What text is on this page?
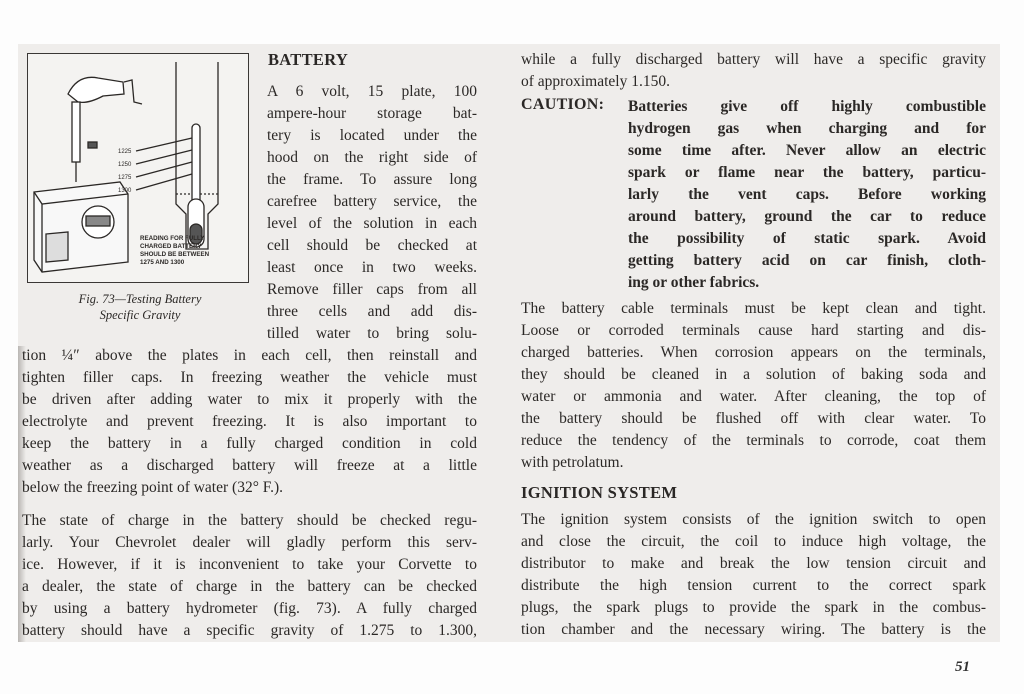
1225
1250
1275
1300
READING FOR FULLY
CHARGED BATTERY
SHOULD BE BETWEEN
1275 AND 1300
Fig. 73—Testing Battery
Specific Gravity
BATTERY
A 6 volt, 15 plate, 100
ampere-hour storage bat-
tery is located under the
hood on the right side of
the frame. To assure long
carefree battery service, the
level of the solution in each
cell should be checked at
least once in two weeks.
Remove filler caps from all
three cells and add dis-
tilled water to bring solu-
tion ¼″ above the plates in each cell, then reinstall and
tighten filler caps. In freezing weather the vehicle must
be driven after adding water to mix it properly with the
electrolyte and prevent freezing. It is also important to
keep the battery in a fully charged condition in cold
weather as a discharged battery will freeze at a little
below the freezing point of water (32° F.).
The state of charge in the battery should be checked regu-
larly. Your Chevrolet dealer will gladly perform this serv-
ice. However, if it is inconvenient to take your Corvette to
a dealer, the state of charge in the battery can be checked
by using a battery hydrometer (fig. 73). A fully charged
battery should have a specific gravity of 1.275 to 1.300,
while a fully discharged battery will have a specific gravity
of approximately 1.150.
CAUTION: Batteries give off highly combustible
hydrogen gas when charging and for
some time after. Never allow an electric
spark or flame near the battery, particu-
larly the vent caps. Before working
around battery, ground the car to reduce
the possibility of static spark. Avoid
getting battery acid on car finish, cloth-
ing or other fabrics.
The battery cable terminals must be kept clean and tight.
Loose or corroded terminals cause hard starting and dis-
charged batteries. When corrosion appears on the terminals,
they should be cleaned in a solution of baking soda and
water or ammonia and water. After cleaning, the top of
the battery should be flushed off with clear water. To
reduce the tendency of the terminals to corrode, coat them
with petrolatum.
IGNITION SYSTEM
The ignition system consists of the ignition switch to open
and close the circuit, the coil to induce high voltage, the
distributor to make and break the low tension circuit and
distribute the high tension current to the correct spark
plugs, the spark plugs to provide the spark in the combus-
tion chamber and the necessary wiring. The battery is the
51
